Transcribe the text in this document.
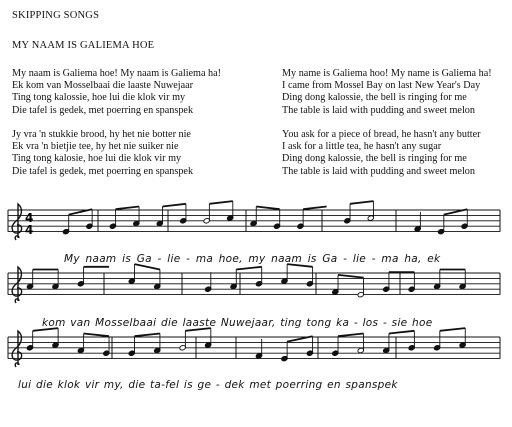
SKIPPING SONGS
MY NAAM IS GALIEMA HOE
My naam is Galiema hoe! My naam is Galiema ha!
Ek kom van Mosselbaai die laaste Nuwejaar
Ting tong kalossie, hoe lui die klok vir my
Die tafel is gedek, met poerring en spanspek
Jy vra 'n stukkie brood, hy het nie botter nie
Ek vra 'n bietjie tee, hy het nie suiker nie
Ting tong kalosie, hoe lui die klok vir my
Die tafel is gedek, met poerring en spanspek
My name is Galiema hoo! My name is Galiema ha!
I came from Mossel Bay on last New Year's Day
Ding dong kalossie, the bell is ringing for me
The table is laid with pudding and sweet melon
You ask for a piece of bread, he hasn't any butter
I ask for a little tea, he hasn't any sugar
Ding dong kalossie, the bell is ringing for me
The table is laid with pudding and sweet melon
4
4
My naam is Ga - lie - ma hoe, my naam is Ga - lie - ma ha, ek
kom van Mosselbaai die laaste Nuwejaar, ting tong ka - los - sie hoe
lui die klok vir my, die ta-fel is ge - dek met poerring en spanspek
